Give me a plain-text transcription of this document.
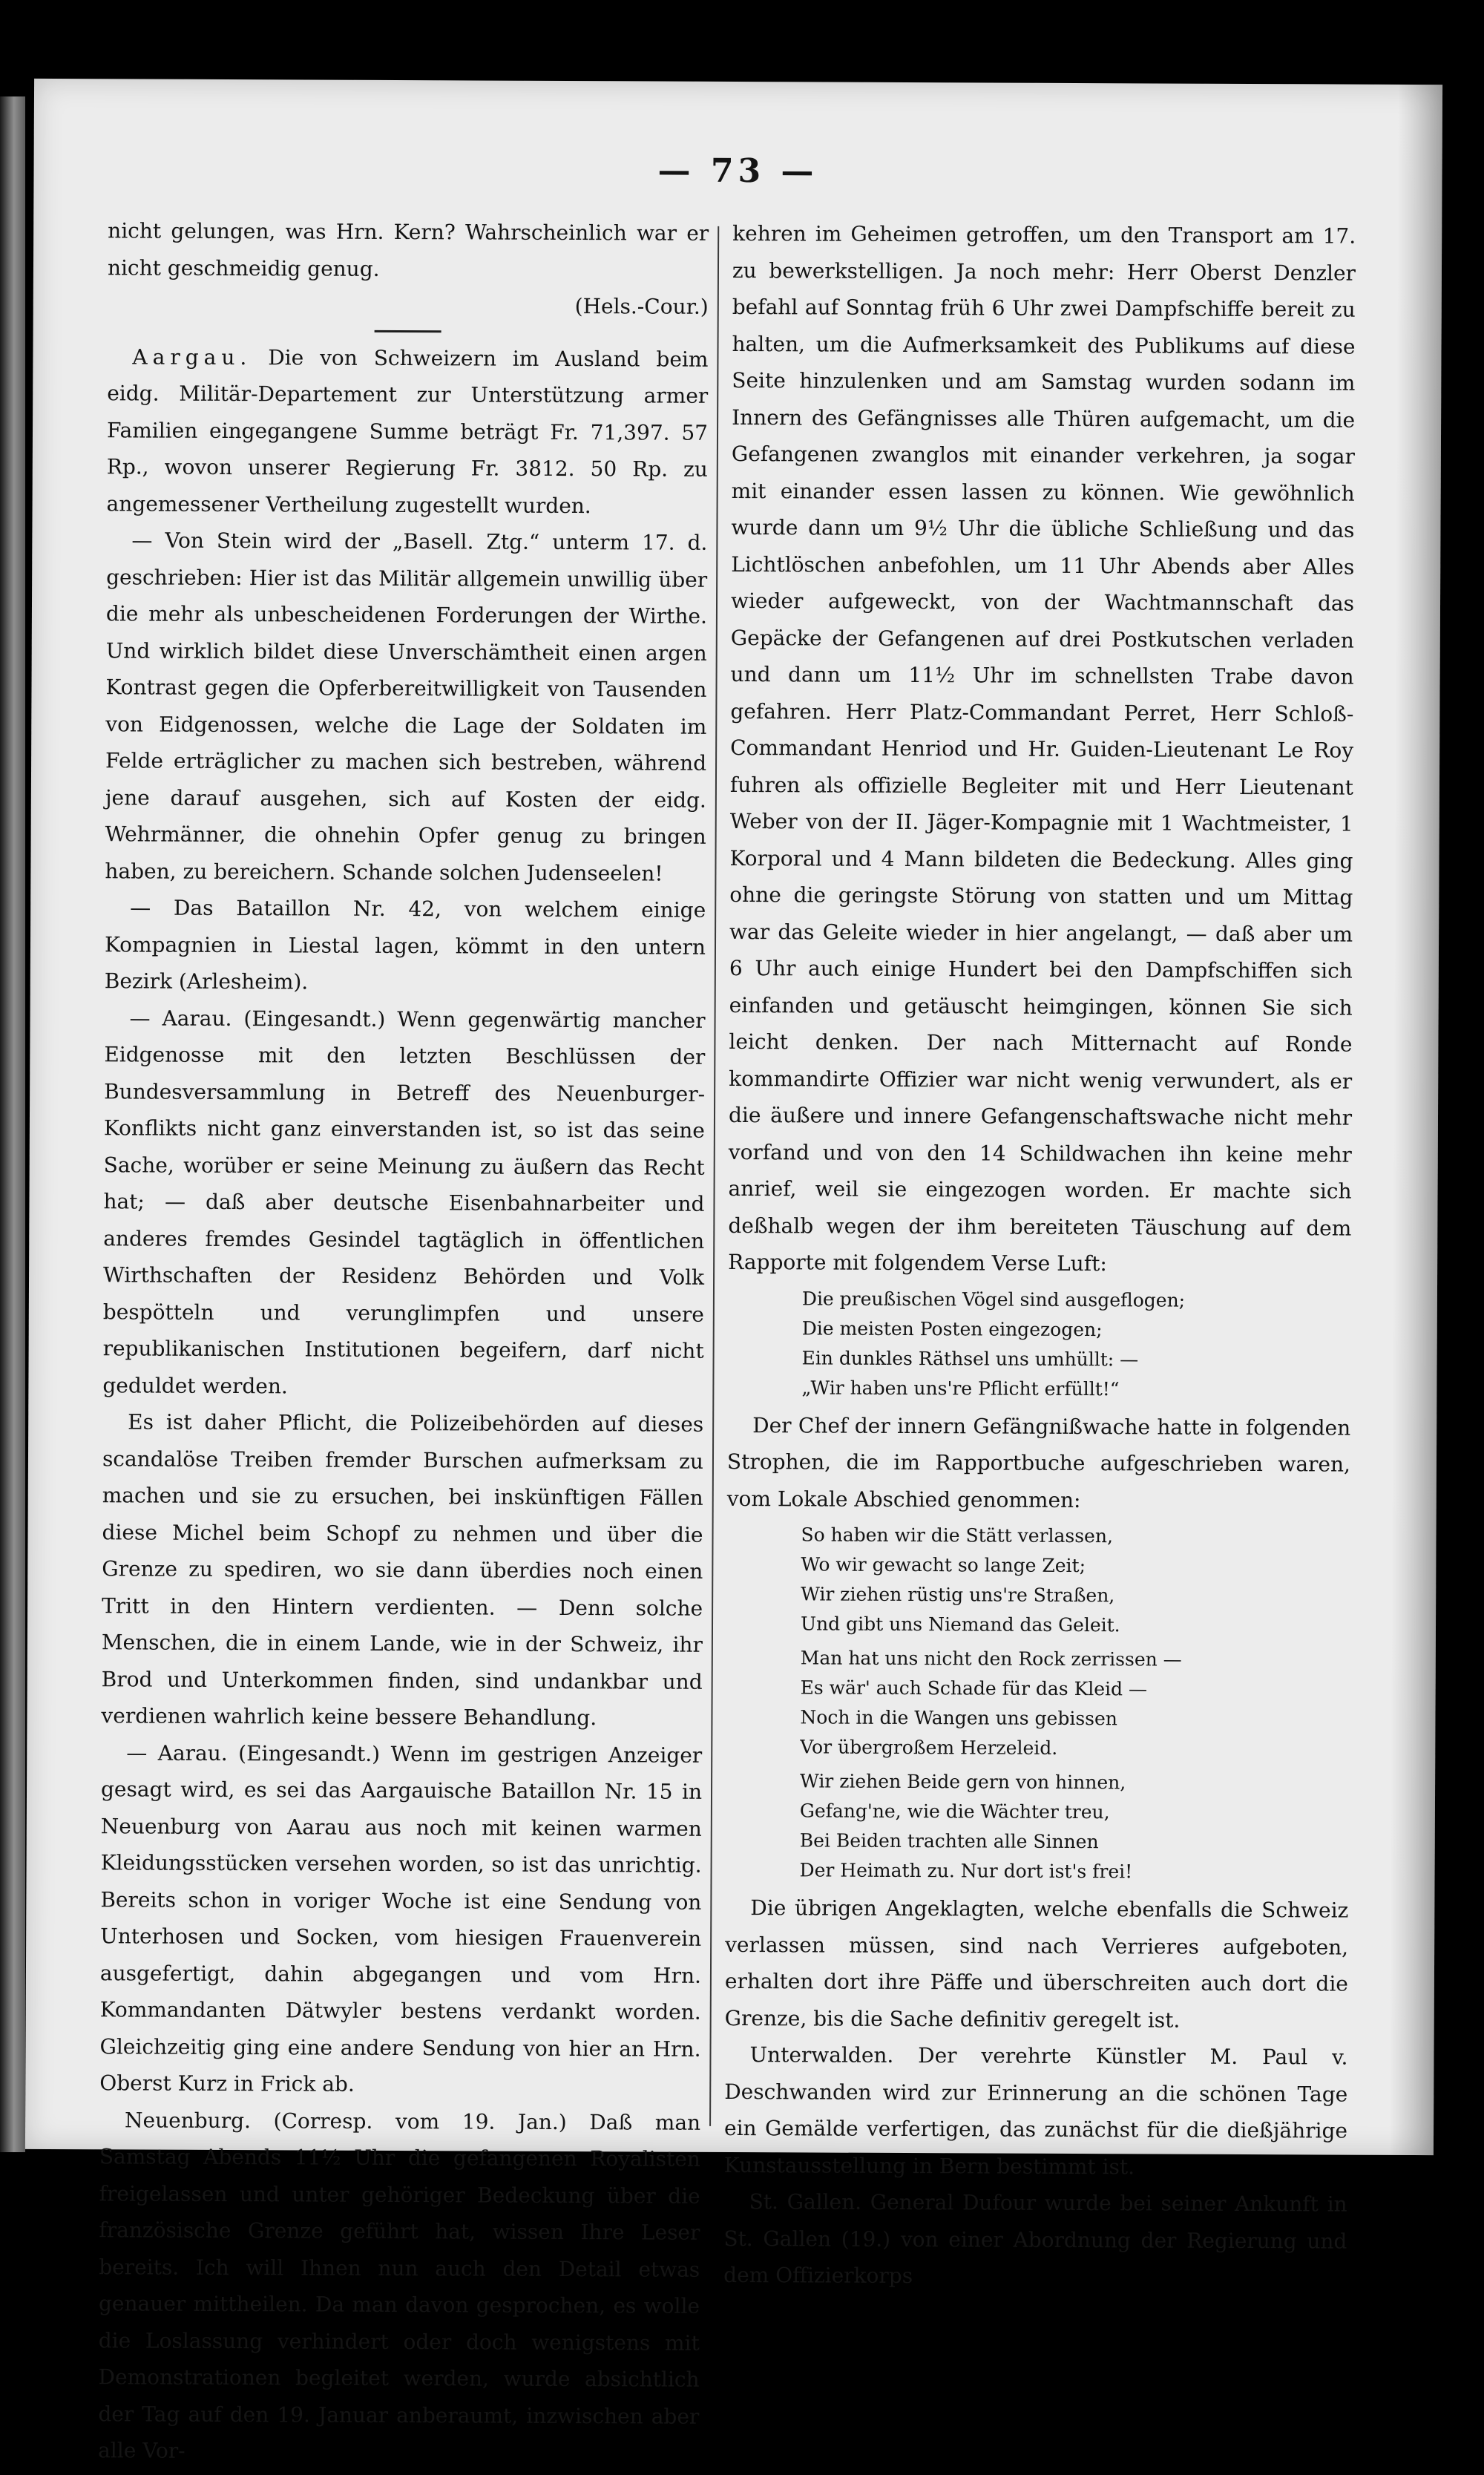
— 73 —

nicht gelungen, was Hrn. Kern? Wahrscheinlich war er nicht geschmeidig genug.

(Hels.-Cour.)

Aargau. Die von Schweizern im Ausland beim eidg. Militär-Departement zur Unterstützung armer Familien eingegangene Summe beträgt Fr. 71,397. 57 Rp., wovon unserer Regierung Fr. 3812. 50 Rp. zu angemessener Vertheilung zugestellt wurden.

— Von Stein wird der „Basell. Ztg.“ unterm 17. d. geschrieben: Hier ist das Militär allgemein unwillig über die mehr als unbescheidenen Forderungen der Wirthe. Und wirklich bildet diese Unverschämtheit einen argen Kontrast gegen die Opferbereitwilligkeit von Tausenden von Eidgenossen, welche die Lage der Soldaten im Felde erträglicher zu machen sich bestreben, während jene darauf ausgehen, sich auf Kosten der eidg. Wehrmänner, die ohnehin Opfer genug zu bringen haben, zu bereichern. Schande solchen Judenseelen!

— Das Bataillon Nr. 42, von welchem einige Kompagnien in Liestal lagen, kömmt in den untern Bezirk (Arlesheim).

— Aarau. (Eingesandt.) Wenn gegenwärtig mancher Eidgenosse mit den letzten Beschlüssen der Bundesversammlung in Betreff des Neuenburger-Konflikts nicht ganz einverstanden ist, so ist das seine Sache, worüber er seine Meinung zu äußern das Recht hat; — daß aber deutsche Eisenbahnarbeiter und anderes fremdes Gesindel tagtäglich in öffentlichen Wirthschaften der Residenz Behörden und Volk bespötteln und verunglimpfen und unsere republikanischen Institutionen begeifern, darf nicht geduldet werden.

Es ist daher Pflicht, die Polizeibehörden auf dieses scandalöse Treiben fremder Burschen aufmerksam zu machen und sie zu ersuchen, bei inskünftigen Fällen diese Michel beim Schopf zu nehmen und über die Grenze zu spediren, wo sie dann überdies noch einen Tritt in den Hintern verdienten. — Denn solche Menschen, die in einem Lande, wie in der Schweiz, ihr Brod und Unterkommen finden, sind undankbar und verdienen wahrlich keine bessere Behandlung.

— Aarau. (Eingesandt.) Wenn im gestrigen Anzeiger gesagt wird, es sei das Aargauische Bataillon Nr. 15 in Neuenburg von Aarau aus noch mit keinen warmen Kleidungsstücken versehen worden, so ist das unrichtig. Bereits schon in voriger Woche ist eine Sendung von Unterhosen und Socken, vom hiesigen Frauenverein ausgefertigt, dahin abgegangen und vom Hrn. Kommandanten Dätwyler bestens verdankt worden. Gleichzeitig ging eine andere Sendung von hier an Hrn. Oberst Kurz in Frick ab.

Neuenburg. (Corresp. vom 19. Jan.) Daß man Samstag Abends 11½ Uhr die gefangenen Royalisten freigelassen und unter gehöriger Bedeckung über die französische Grenze geführt hat, wissen Ihre Leser bereits. Ich will Ihnen nun auch den Detail etwas genauer mittheilen. Da man davon gesprochen, es wolle die Loslassung verhindert oder doch wenigstens mit Demonstrationen begleitet werden, wurde absichtlich der Tag auf den 19. Januar anberaumt, inzwischen aber alle Vor-

kehren im Geheimen getroffen, um den Transport am 17. zu bewerkstelligen. Ja noch mehr: Herr Oberst Denzler befahl auf Sonntag früh 6 Uhr zwei Dampfschiffe bereit zu halten, um die Aufmerksamkeit des Publikums auf diese Seite hinzulenken und am Samstag wurden sodann im Innern des Gefängnisses alle Thüren aufgemacht, um die Gefangenen zwanglos mit einander verkehren, ja sogar mit einander essen lassen zu können. Wie gewöhnlich wurde dann um 9½ Uhr die übliche Schließung und das Lichtlöschen anbefohlen, um 11 Uhr Abends aber Alles wieder aufgeweckt, von der Wachtmannschaft das Gepäcke der Gefangenen auf drei Postkutschen verladen und dann um 11½ Uhr im schnellsten Trabe davon gefahren. Herr Platz-Commandant Perret, Herr Schloß-Commandant Henriod und Hr. Guiden-Lieutenant Le Roy fuhren als offizielle Begleiter mit und Herr Lieutenant Weber von der II. Jäger-Kompagnie mit 1 Wachtmeister, 1 Korporal und 4 Mann bildeten die Bedeckung. Alles ging ohne die geringste Störung von statten und um Mittag war das Geleite wieder in hier angelangt, — daß aber um 6 Uhr auch einige Hundert bei den Dampfschiffen sich einfanden und getäuscht heimgingen, können Sie sich leicht denken. Der nach Mitternacht auf Ronde kommandirte Offizier war nicht wenig verwundert, als er die äußere und innere Gefangenschaftswache nicht mehr vorfand und von den 14 Schildwachen ihn keine mehr anrief, weil sie eingezogen worden. Er machte sich deßhalb wegen der ihm bereiteten Täuschung auf dem Rapporte mit folgendem Verse Luft:

Die preußischen Vögel sind ausgeflogen;
Die meisten Posten eingezogen;
Ein dunkles Räthsel uns umhüllt: —
„Wir haben uns're Pflicht erfüllt!“

Der Chef der innern Gefängnißwache hatte in folgenden Strophen, die im Rapportbuche aufgeschrieben waren, vom Lokale Abschied genommen:

So haben wir die Stätt verlassen,
Wo wir gewacht so lange Zeit;
Wir ziehen rüstig uns're Straßen,
Und gibt uns Niemand das Geleit.
Man hat uns nicht den Rock zerrissen —
Es wär' auch Schade für das Kleid —
Noch in die Wangen uns gebissen
Vor übergroßem Herzeleid.
Wir ziehen Beide gern von hinnen,
Gefang'ne, wie die Wächter treu,
Bei Beiden trachten alle Sinnen
Der Heimath zu. Nur dort ist's frei!

Die übrigen Angeklagten, welche ebenfalls die Schweiz verlassen müssen, sind nach Verrieres aufgeboten, erhalten dort ihre Päffe und überschreiten auch dort die Grenze, bis die Sache definitiv geregelt ist.

Unterwalden. Der verehrte Künstler M. Paul v. Deschwanden wird zur Erinnerung an die schönen Tage ein Gemälde verfertigen, das zunächst für die dießjährige Kunstausstellung in Bern bestimmt ist.

St. Gallen. General Dufour wurde bei seiner Ankunft in St. Gallen (19.) von einer Abordnung der Regierung und dem Offizierkorps
